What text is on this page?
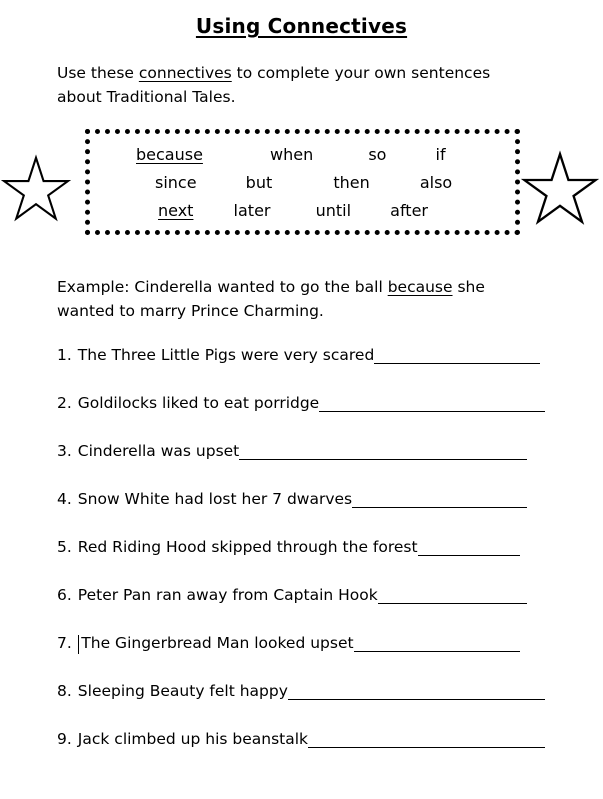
Using Connectives

Use these connectives to complete your own sentences about Traditional Tales.

because	when	so	if
since	but	then	also
next	later	until after

Example: Cinderella wanted to go the ball because she wanted to marry Prince Charming.

1. The Three Little Pigs were very scared
2. Goldilocks liked to eat porridge
3. Cinderella was upset
4. Snow White had lost her 7 dwarves
5. Red Riding Hood skipped through the forest
6. Peter Pan ran away from Captain Hook
7. The Gingerbread Man looked upset
8. Sleeping Beauty felt happy
9. Jack climbed up his beanstalk
